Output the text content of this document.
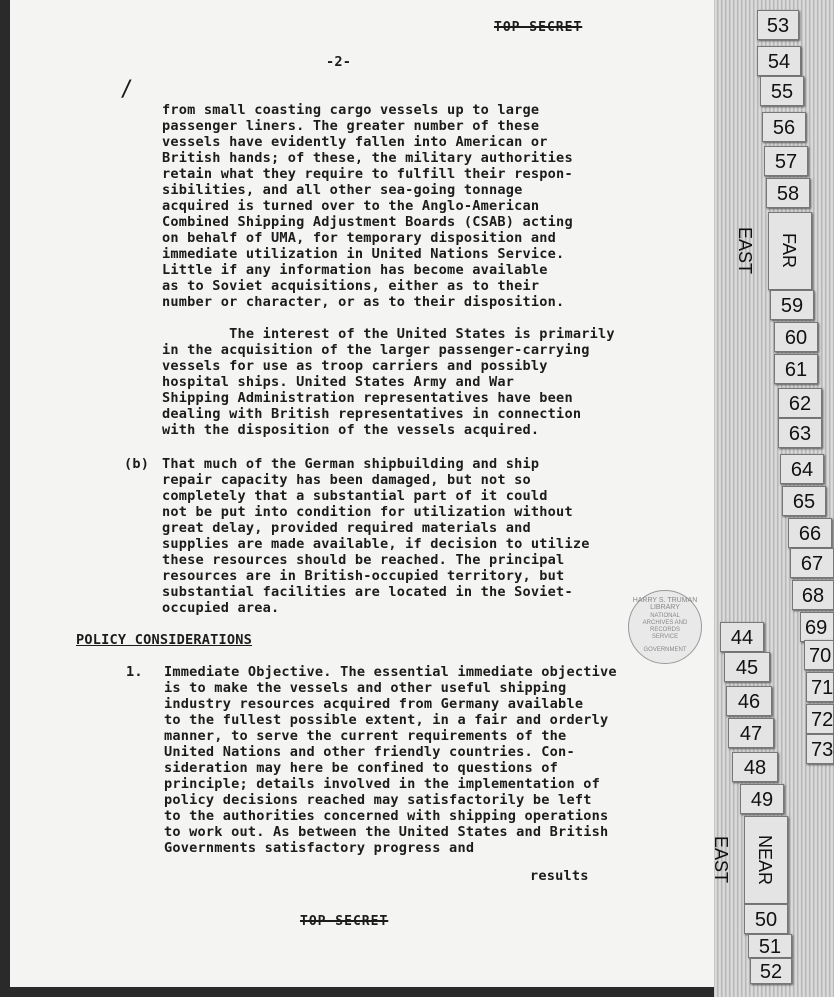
TOP SECRET
-2-
/
from small coasting cargo vessels up to large
passenger liners. The greater number of these
vessels have evidently fallen into American or
British hands; of these, the military authorities
retain what they require to fulfill their respon-
sibilities, and all other sea-going tonnage
acquired is turned over to the Anglo-American
Combined Shipping Adjustment Boards (CSAB) acting
on behalf of UMA, for temporary disposition and
immediate utilization in United Nations Service.
Little if any information has become available
as to Soviet acquisitions, either as to their
number or character, or as to their disposition.
The interest of the United States is primarily
in the acquisition of the larger passenger-carrying
vessels for use as troop carriers and possibly
hospital ships. United States Army and War
Shipping Administration representatives have been
dealing with British representatives in connection
with the disposition of the vessels acquired.
(b) That much of the German shipbuilding and ship
repair capacity has been damaged, but not so
completely that a substantial part of it could
not be put into condition for utilization without
great delay, provided required materials and
supplies are made available, if decision to utilize
these resources should be reached. The principal
resources are in British-occupied territory, but
substantial facilities are located in the Soviet-
occupied area.
POLICY CONSIDERATIONS
1. Immediate Objective. The essential immediate objective
is to make the vessels and other useful shipping
industry resources acquired from Germany available
to the fullest possible extent, in a fair and orderly
manner, to serve the current requirements of the
United Nations and other friendly countries. Con-
sideration may here be confined to questions of
principle; details involved in the implementation of
policy decisions reached may satisfactorily be left
to the authorities concerned with shipping operations
to work out. As between the United States and British
Governments satisfactory progress and
results
TOP SECRET
HARRY S. TRUMAN LIBRARY
NATIONAL ARCHIVES AND RECORDS SERVICE
GOVERNMENT
53
54
55
56
57
58
FAR EAST
59
60
61
62
63
64
65
66
67
68
69
70
71
72
73
44
45
46
47
48
49
NEAR EAST
50
51
52
